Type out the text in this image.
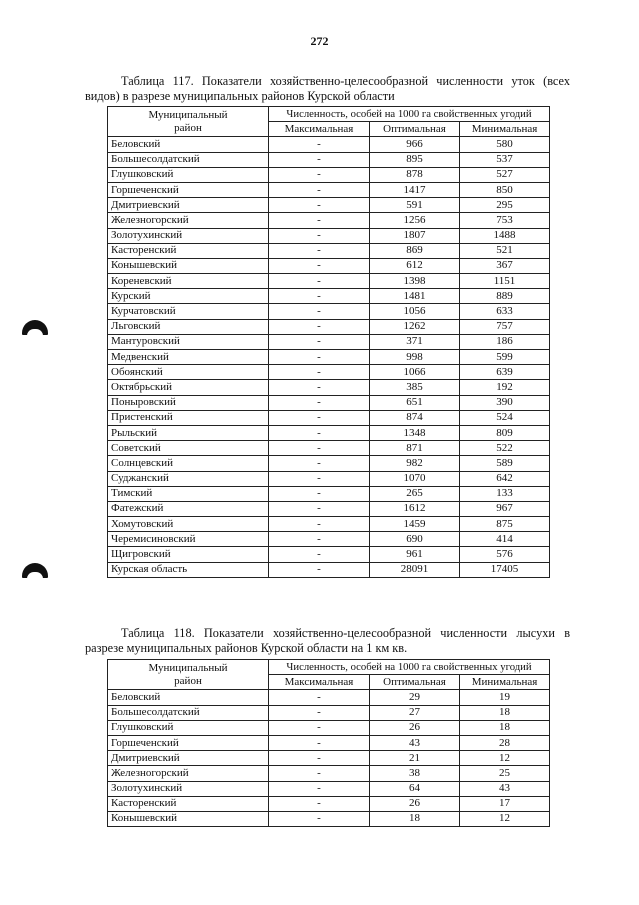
272
Таблица 117. Показатели хозяйственно-целесообразной численности уток (всех
видов) в разрезе муниципальных районов Курской области
Муниципальный
район	Численность, особей на 1000 га свойственных угодий		
	Максимальная	Оптимальная	Минимальная
Беловский	-	966	580
Большесолдатский	-	895	537
Глушковский	-	878	527
Горшеченский	-	1417	850
Дмитриевский	-	591	295
Железногорский	-	1256	753
Золотухинский	-	1807	1488
Касторенский	-	869	521
Конышевский	-	612	367
Кореневский	-	1398	1151
Курский	-	1481	889
Курчатовский	-	1056	633
Льговский	-	1262	757
Мантуровский	-	371	186
Медвенский	-	998	599
Обоянский	-	1066	639
Октябрьский	-	385	192
Поныровский	-	651	390
Пристенский	-	874	524
Рыльский	-	1348	809
Советский	-	871	522
Солнцевский	-	982	589
Суджанский	-	1070	642
Тимский	-	265	133
Фатежский	-	1612	967
Хомутовский	-	1459	875
Черемисиновский	-	690	414
Щигровский	-	961	576
Курская область	-	28091	17405
Таблица 118. Показатели хозяйственно-целесообразной численности лысухи в
разрезе муниципальных районов Курской области на 1 км кв.
Муниципальный
район	Численность, особей на 1000 га свойственных угодий		
	Максимальная	Оптимальная	Минимальная
Беловский	-	29	19
Большесолдатский	-	27	18
Глушковский	-	26	18
Горшеченский	-	43	28
Дмитриевский	-	21	12
Железногорский	-	38	25
Золотухинский	-	64	43
Касторенский	-	26	17
Конышевский	-	18	12
